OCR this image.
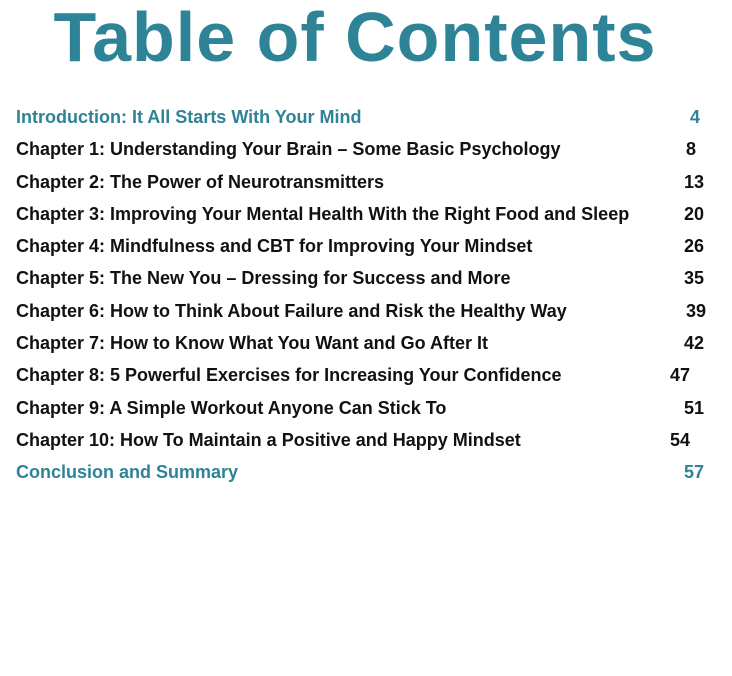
Table of Contents
Introduction: It All Starts With Your Mind	4
Chapter 1: Understanding Your Brain – Some Basic Psychology	8
Chapter 2: The Power of Neurotransmitters	13
Chapter 3: Improving Your Mental Health With the Right Food and Sleep	20
Chapter 4: Mindfulness and CBT for Improving Your Mindset	26
Chapter 5: The New You – Dressing for Success and More	35
Chapter 6: How to Think About Failure and Risk the Healthy Way	39
Chapter 7: How to Know What You Want and Go After It	42
Chapter 8: 5 Powerful Exercises for Increasing Your Confidence	47
Chapter 9: A Simple Workout Anyone Can Stick To	51
Chapter 10: How To Maintain a Positive and Happy Mindset	54
Conclusion and Summary	57
